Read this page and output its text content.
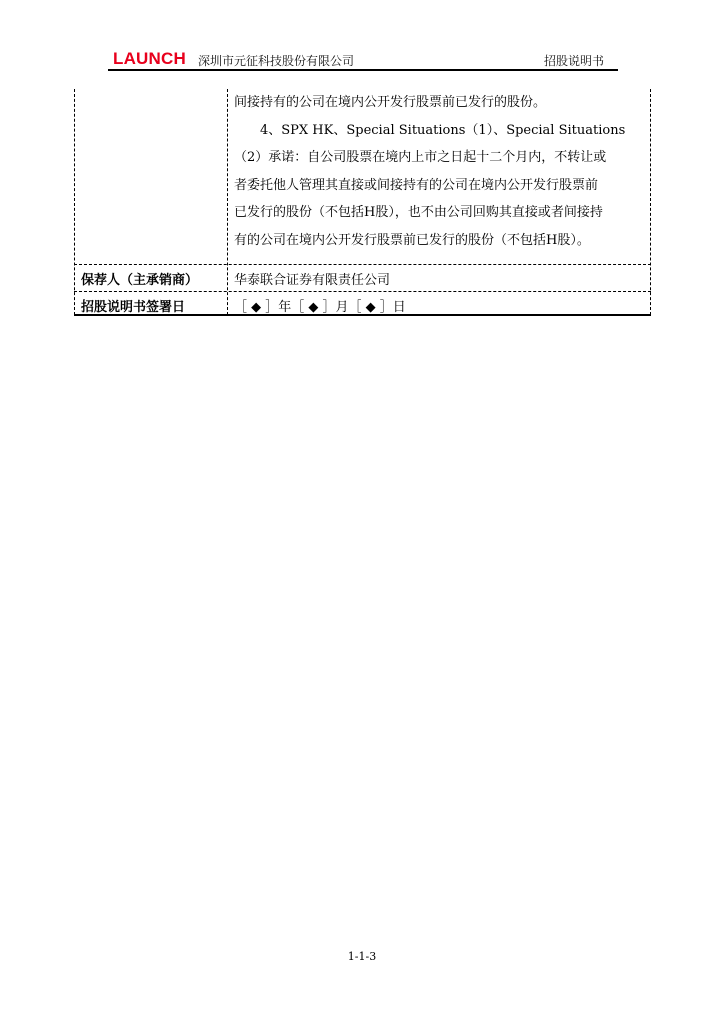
LAUNCH 深圳市元征科技股份有限公司	招股说明书

间接持有的公司在境内公开发行股票前已发行的股份。

4、SPX HK、Special Situations（1）、Special Situations

（2）承诺：自公司股票在境内上市之日起十二个月内，不转让或

者委托他人管理其直接或间接持有的公司在境内公开发行股票前

已发行的股份（不包括H股），也不由公司回购其直接或者间接持

有的公司在境内公开发行股票前已发行的股份（不包括H股）。

保荐人（主承销商）	华泰联合证券有限责任公司
招股说明书签署日	［ ◆ ］年［ ◆ ］月［ ◆ ］日
1-1-3
